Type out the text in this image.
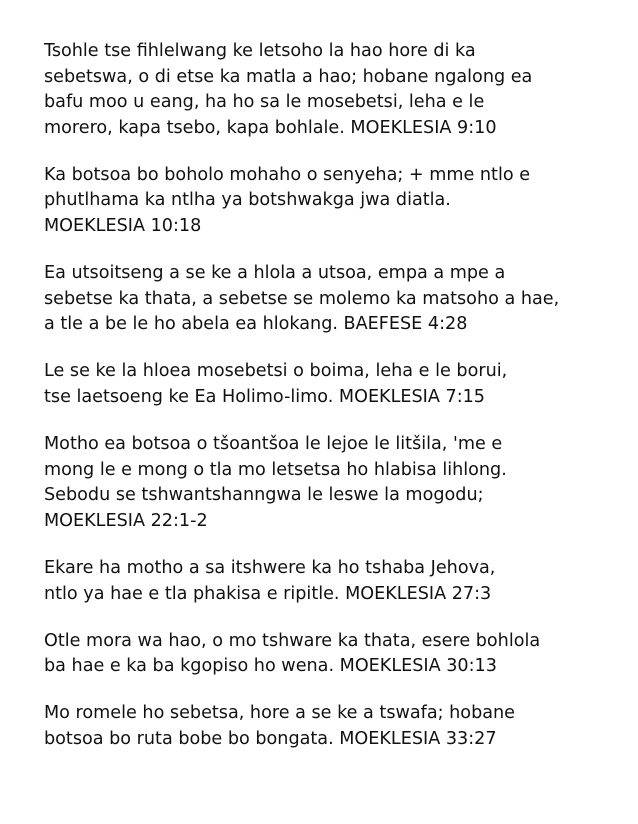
Tsohle tse fihlelwang ke letsoho la hao hore di ka
sebetswa, o di etse ka matla a hao; hobane ngalong ea
bafu moo u eang, ha ho sa le mosebetsi, leha e le
morero, kapa tsebo, kapa bohlale. MOEKLESIA 9:10

Ka botsoa bo boholo mohaho o senyeha; + mme ntlo e
phutlhama ka ntlha ya botshwakga jwa diatla.
MOEKLESIA 10:18

Ea utsoitseng a se ke a hlola a utsoa, empa a mpe a
sebetse ka thata, a sebetse se molemo ka matsoho a hae,
a tle a be le ho abela ea hlokang. BAEFESE 4:28

Le se ke la hloea mosebetsi o boima, leha e le borui,
tse laetsoeng ke Ea Holimo-limo. MOEKLESIA 7:15

Motho ea botsoa o tšoantšoa le lejoe le litšila, 'me e
mong le e mong o tla mo letsetsa ho hlabisa lihlong.
Sebodu se tshwantshanngwa le leswe la mogodu;
MOEKLESIA 22:1-2

Ekare ha motho a sa itshwere ka ho tshaba Jehova,
ntlo ya hae e tla phakisa e ripitle. MOEKLESIA 27:3

Otle mora wa hao, o mo tshware ka thata, esere bohlola
ba hae e ka ba kgopiso ho wena. MOEKLESIA 30:13

Mo romele ho sebetsa, hore a se ke a tswafa; hobane
botsoa bo ruta bobe bo bongata. MOEKLESIA 33:27
